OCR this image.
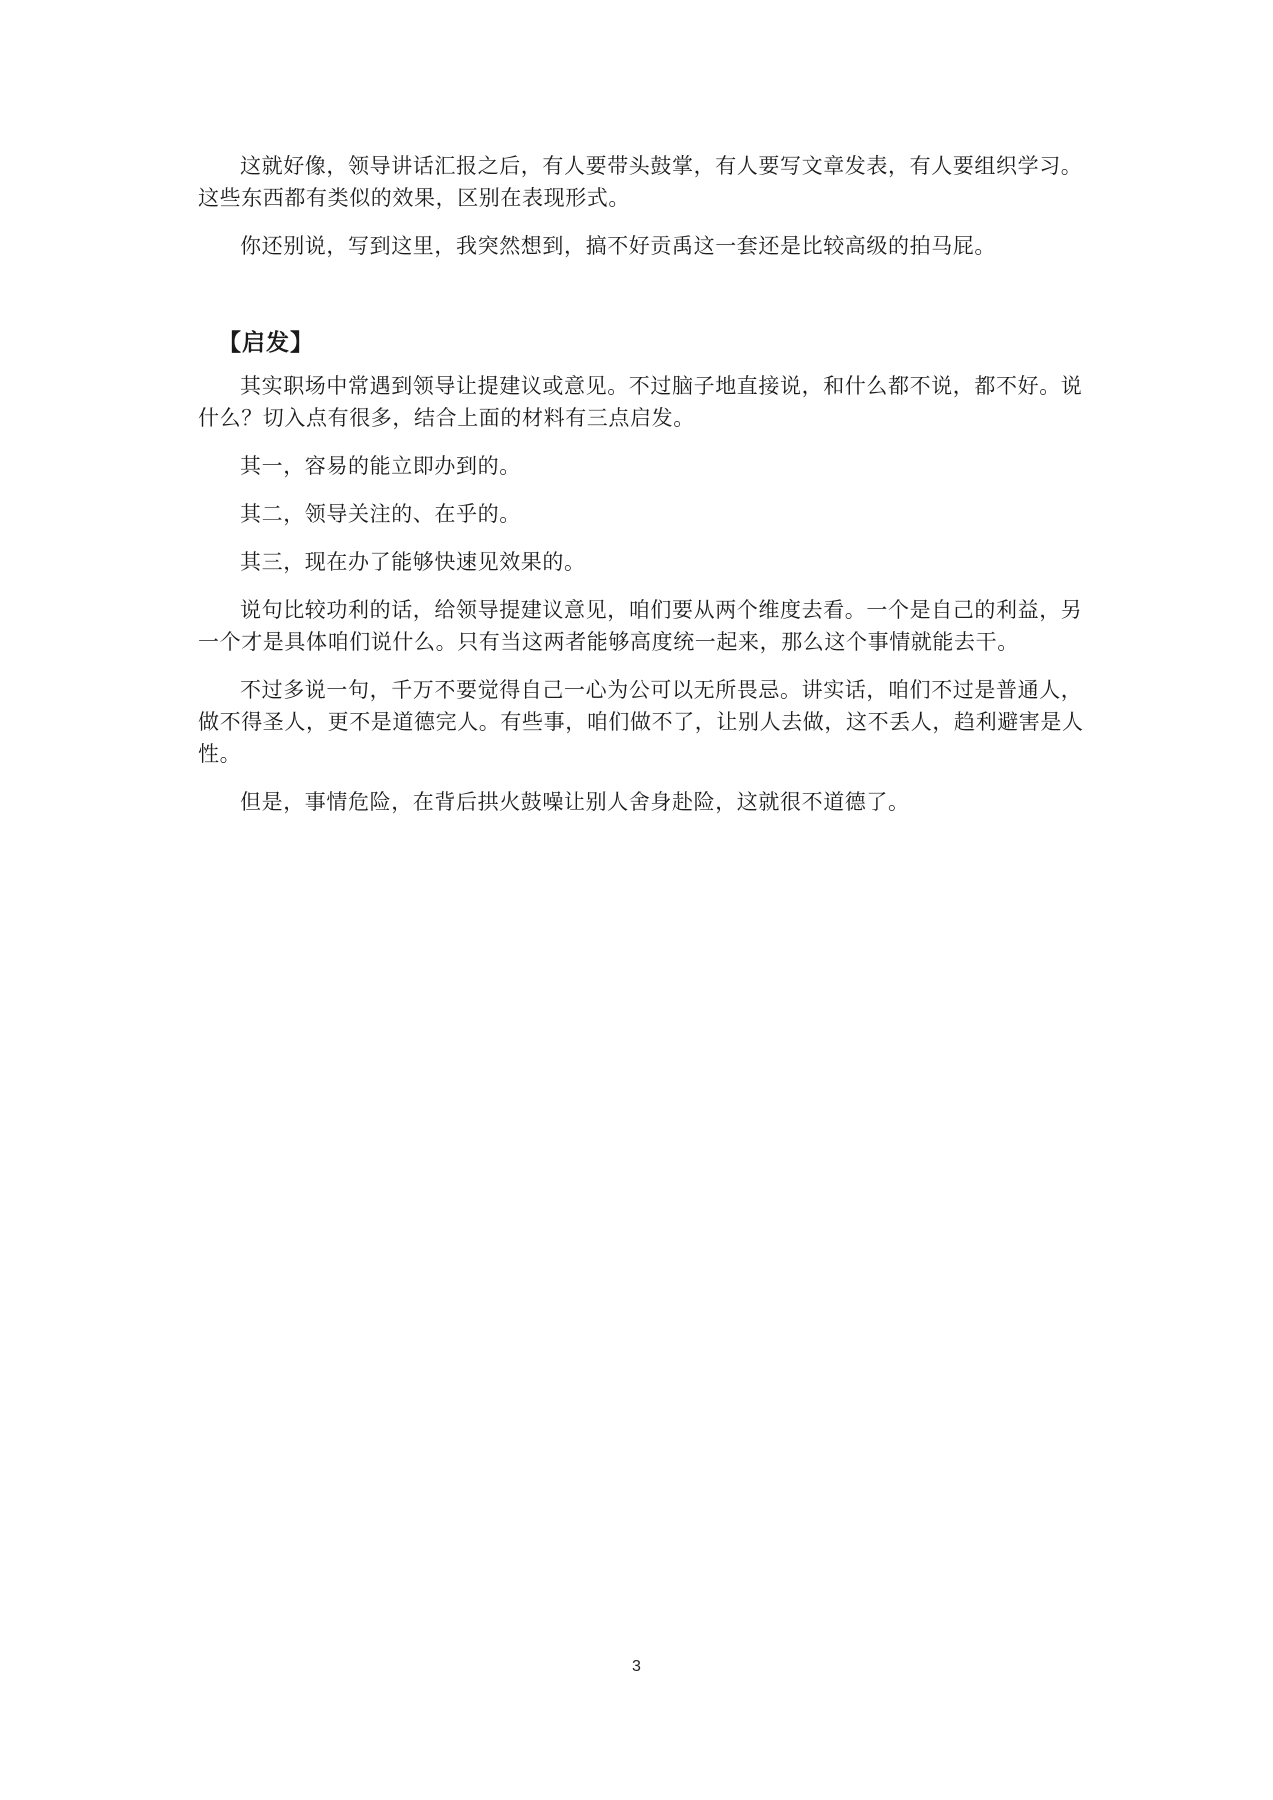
这就好像，领导讲话汇报之后，有人要带头鼓掌，有人要写文章发表，有人要组织学习。这些东西都有类似的效果，区别在表现形式。

你还别说，写到这里，我突然想到，搞不好贡禹这一套还是比较高级的拍马屁。

【启发】

其实职场中常遇到领导让提建议或意见。不过脑子地直接说，和什么都不说，都不好。说什么？切入点有很多，结合上面的材料有三点启发。

其一，容易的能立即办到的。

其二，领导关注的、在乎的。

其三，现在办了能够快速见效果的。

说句比较功利的话，给领导提建议意见，咱们要从两个维度去看。一个是自己的利益，另一个才是具体咱们说什么。只有当这两者能够高度统一起来，那么这个事情就能去干。

不过多说一句，千万不要觉得自己一心为公可以无所畏忌。讲实话，咱们不过是普通人，做不得圣人，更不是道德完人。有些事，咱们做不了，让别人去做，这不丢人，趋利避害是人性。

但是，事情危险，在背后拱火鼓噪让别人舍身赴险，这就很不道德了。

3
